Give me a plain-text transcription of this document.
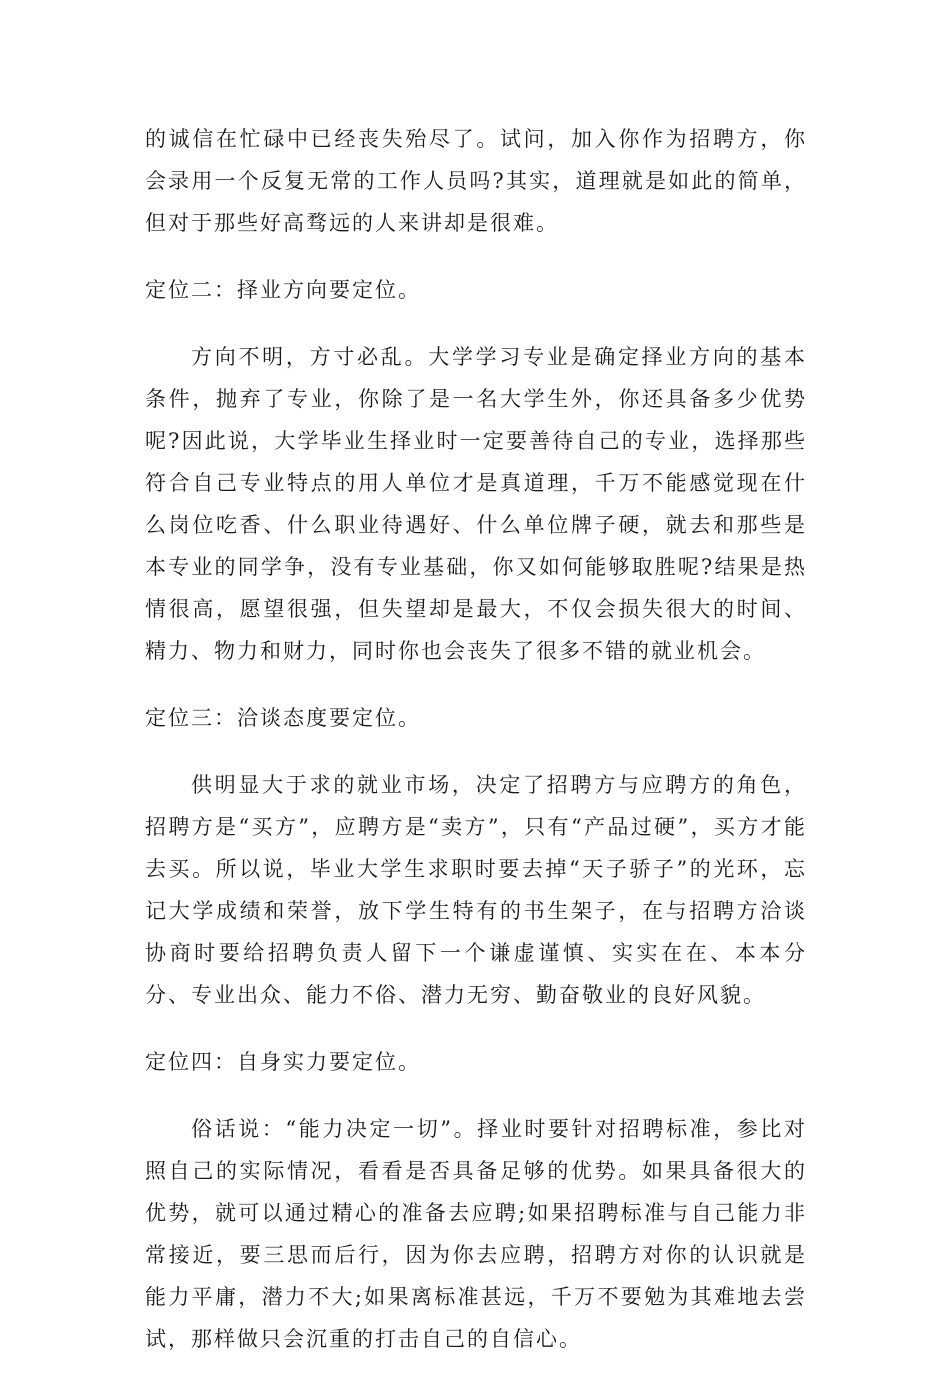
的诚信在忙碌中已经丧失殆尽了。试问，加入你作为招聘方，你会录用一个反复无常的工作人员吗?其实，道理就是如此的简单，但对于那些好高骛远的人来讲却是很难。

定位二：择业方向要定位。

方向不明，方寸必乱。大学学习专业是确定择业方向的基本条件，抛弃了专业，你除了是一名大学生外，你还具备多少优势呢?因此说，大学毕业生择业时一定要善待自己的专业，选择那些符合自己专业特点的用人单位才是真道理，千万不能感觉现在什么岗位吃香、什么职业待遇好、什么单位牌子硬，就去和那些是本专业的同学争，没有专业基础，你又如何能够取胜呢?结果是热情很高，愿望很强，但失望却是最大，不仅会损失很大的时间、精力、物力和财力，同时你也会丧失了很多不错的就业机会。

定位三：洽谈态度要定位。

供明显大于求的就业市场，决定了招聘方与应聘方的角色，招聘方是“买方”，应聘方是“卖方”，只有“产品过硬”，买方才能去买。所以说，毕业大学生求职时要去掉“天子骄子”的光环，忘记大学成绩和荣誉，放下学生特有的书生架子，在与招聘方洽谈协商时要给招聘负责人留下一个谦虚谨慎、实实在在、本本分分、专业出众、能力不俗、潜力无穷、勤奋敬业的良好风貌。

定位四：自身实力要定位。

俗话说：“能力决定一切”。择业时要针对招聘标准，参比对照自己的实际情况，看看是否具备足够的优势。如果具备很大的优势，就可以通过精心的准备去应聘;如果招聘标准与自己能力非常接近，要三思而后行，因为你去应聘，招聘方对你的认识就是能力平庸，潜力不大;如果离标准甚远，千万不要勉为其难地去尝试，那样做只会沉重的打击自己的自信心。
